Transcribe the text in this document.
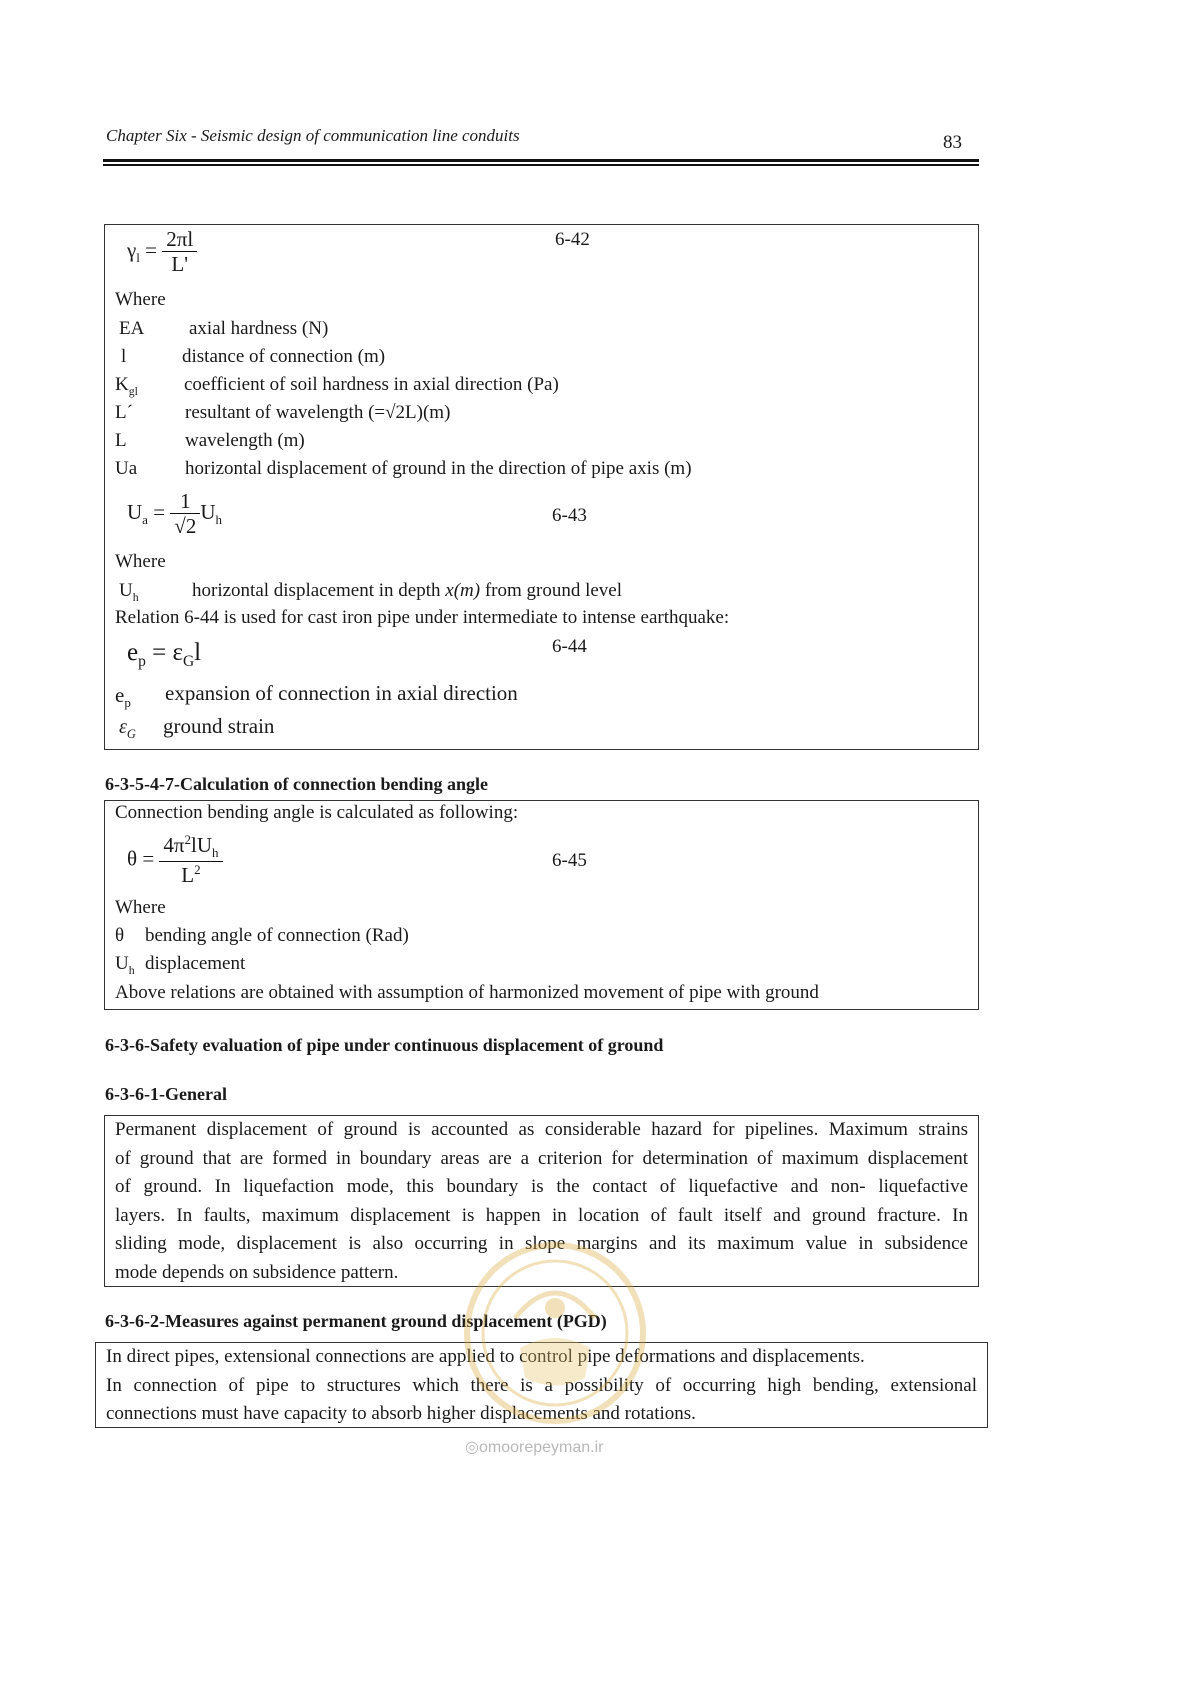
Chapter Six - Seismic design of communication line conduits	83
$\gamma_l = \frac{2\pi l}{L'}$	6-42
Where
EA axial hardness (N)
l	distance of connection (m)
$K_{gl}$ coefficient of soil hardness in axial direction (Pa)
L´	resultant of wavelength (=√2L)(m)
L	wavelength (m)
Ua	horizontal displacement of ground in the direction of pipe axis (m)
$U_a = \frac{1}{√2} U_h$	6-43
Where
$U_h$	horizontal displacement in depth x(m) from ground level
Relation 6-44 is used for cast iron pipe under intermediate to intense earthquake:
$e_p = \varepsilon_Gl$	6-44
$e_p$ expansion of connection in axial direction
$\varepsilon_G$ ground strain
6-3-5-4-7-Calculation of connection bending angle
Connection bending angle is calculated as following:
$\theta = \frac{4\pi^2lU_h}{L^2}$	6-45
Where
θ bending angle of connection (Rad)
$U_h$ displacement
Above relations are obtained with assumption of harmonized movement of pipe with ground
6-3-6-Safety evaluation of pipe under continuous displacement of ground
6-3-6-1-General
Permanent displacement of ground is accounted as considerable hazard for pipelines. Maximum strains
of ground that are formed in boundary areas are a criterion for determination of maximum displacement
of ground. In liquefaction mode, this boundary is the contact of liquefactive and non- liquefactive
layers. In faults, maximum displacement is happen in location of fault itself and ground fracture. In
sliding mode, displacement is also occurring in slope margins and its maximum value in subsidence
mode depends on subsidence pattern.
6-3-6-2-Measures against permanent ground displacement (PGD)
In direct pipes, extensional connections are applied to control pipe deformations and displacements.
In connection of pipe to structures which there is a possibility of occurring high bending, extensional
connections must have capacity to absorb higher displacements and rotations.
◎omoorepeyman.ir
